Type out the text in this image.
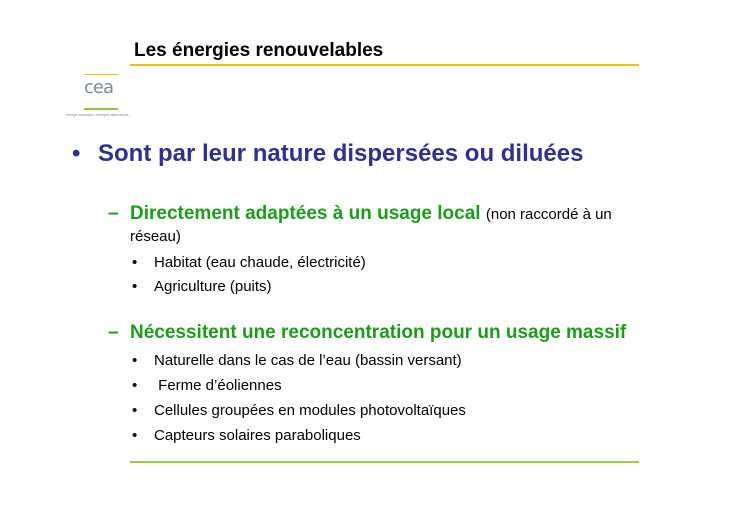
Les énergies renouvelables
cea
énergie atomique • énergies alternatives
• Sont par leur nature dispersées ou diluées
– Directement adaptées à un usage local (non raccordé à un
réseau)
• Habitat (eau chaude, électricité)
• Agriculture (puits)
– Nécessitent une reconcentration pour un usage massif
• Naturelle dans le cas de l’eau (bassin versant)
• Ferme d’éoliennes
• Cellules groupées en modules photovoltaïques
• Capteurs solaires paraboliques
